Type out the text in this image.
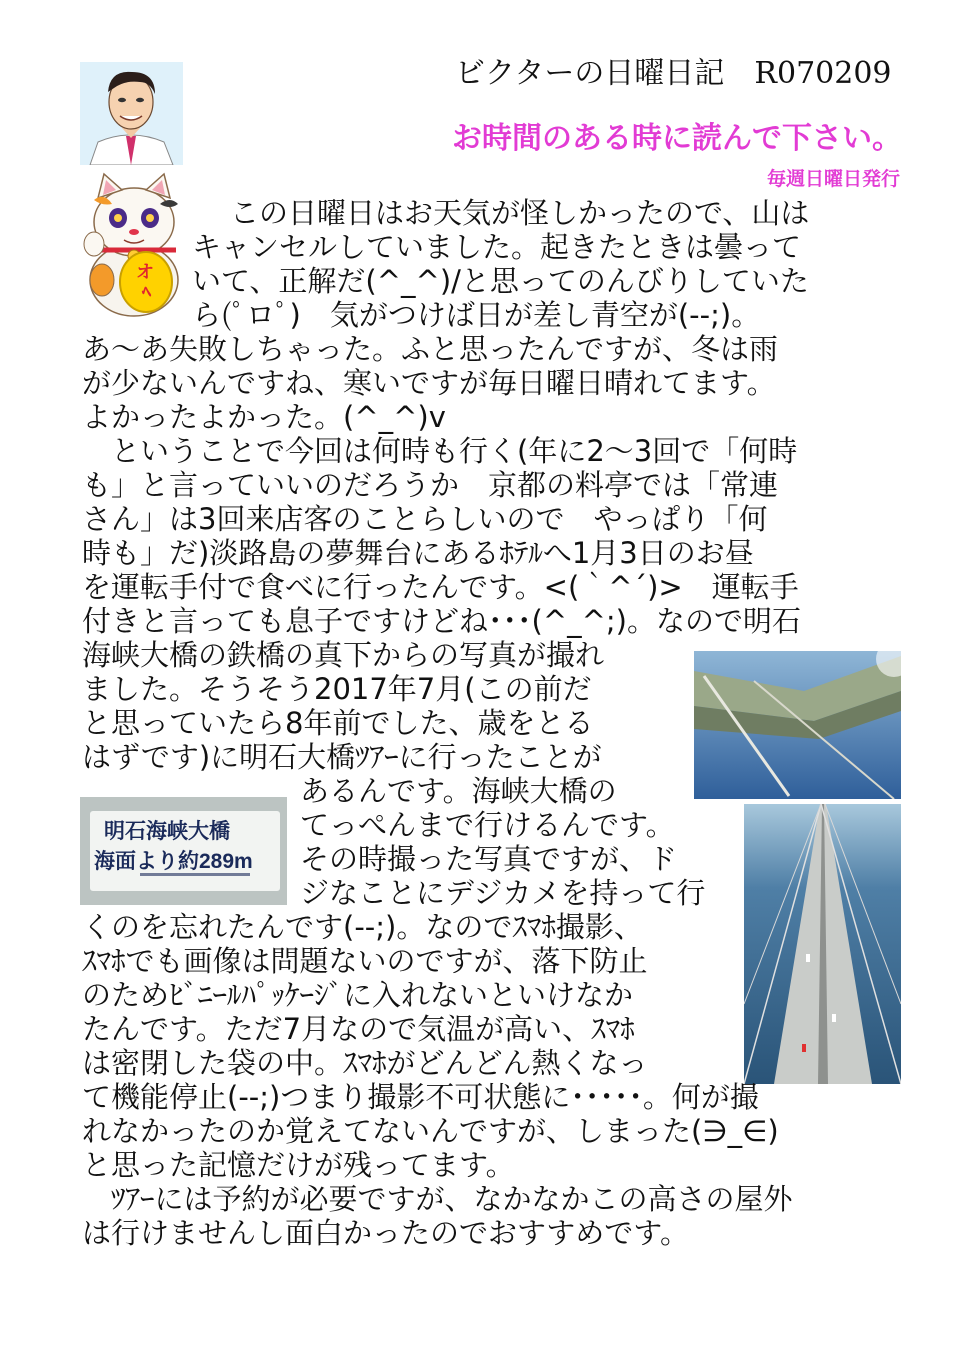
ビクターの日曜日記　R070209
お時間のある時に読んで下さい。
毎週日曜日発行
オ
ﾍ
明石海峡大橋
海面より約289m
この日曜日はお天気が怪しかったので、山は
キャンセルしていました。起きたときは曇って
いて、正解だ(^_^)/と思ってのんびりしていた
ら(ﾟロﾟ)　気がつけば日が差し青空が(--;)。
あ～あ失敗しちゃった。ふと思ったんですが、冬は雨
が少ないんですね、寒いですが毎日曜日晴れてます。
よかったよかった。(^_^)v
　ということで今回は何時も行く(年に2～3回で「何時
も」と言っていいのだろうか　京都の料亭では「常連
さん」は3回来店客のことらしいので　やっぱり「何
時も」だ)淡路島の夢舞台にあるﾎﾃﾙへ1月3日のお昼
を運転手付で食べに行ったんです。<(｀^´)>　運転手
付きと言っても息子ですけどね･･･(^_^;)。なので明石
海峡大橋の鉄橋の真下からの写真が撮れ
ました。そうそう2017年7月(この前だ
と思っていたら8年前でした、歳をとる
はずです)に明石大橋ﾂｱｰに行ったことが
あるんです。海峡大橋の
てっぺんまで行けるんです。
その時撮った写真ですが、ド
ジなことにデジカメを持って行
くのを忘れたんです(--;)。なのでｽﾏﾎ撮影、
ｽﾏﾎでも画像は問題ないのですが、落下防止
のためﾋﾞﾆｰﾙﾊﾟｯｹｰｼﾞに入れないといけなか
たんです。ただ7月なので気温が高い、ｽﾏﾎ
は密閉した袋の中。ｽﾏﾎがどんどん熱くなっ
て機能停止(--;)つまり撮影不可状態に･････。何が撮
れなかったのか覚えてないんですが、しまった(∋_∈)
と思った記憶だけが残ってます。
　ﾂｱｰには予約が必要ですが、なかなかこの高さの屋外
は行けませんし面白かったのでおすすめです。
